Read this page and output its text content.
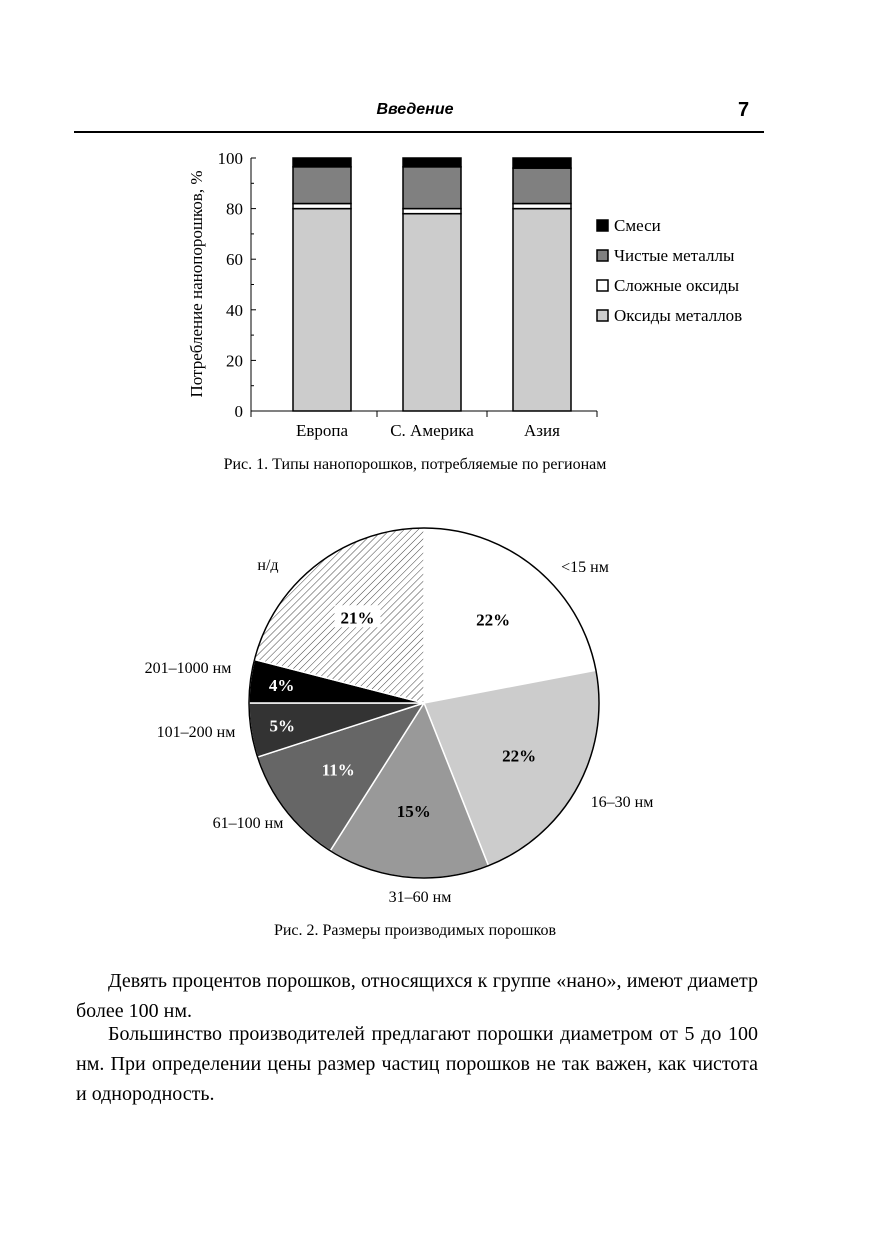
Введение	7
0
20
40
60
80
100
Потребление нанопорошков, %
Европа С. Америка	Азия
Смеси
Чистые металлы
Сложные оксиды
Оксиды металлов
Рис. 1. Типы нанопорошков, потребляемые по регионам
22%
<15 нм
22%
16–30 нм
15%
31–60 нм
11%
61–100 нм
5%
101–200 нм
4%
201–1000 нм
21%
н/д
Рис. 2. Размеры производимых порошков
Девять процентов порошков, относящихся к группе «нано», имеют диаметр более 100 нм.
Большинство производителей предлагают порошки диаметром от 5 до 100 нм. При определении цены размер частиц порошков не так важен, как чистота и однородность.
